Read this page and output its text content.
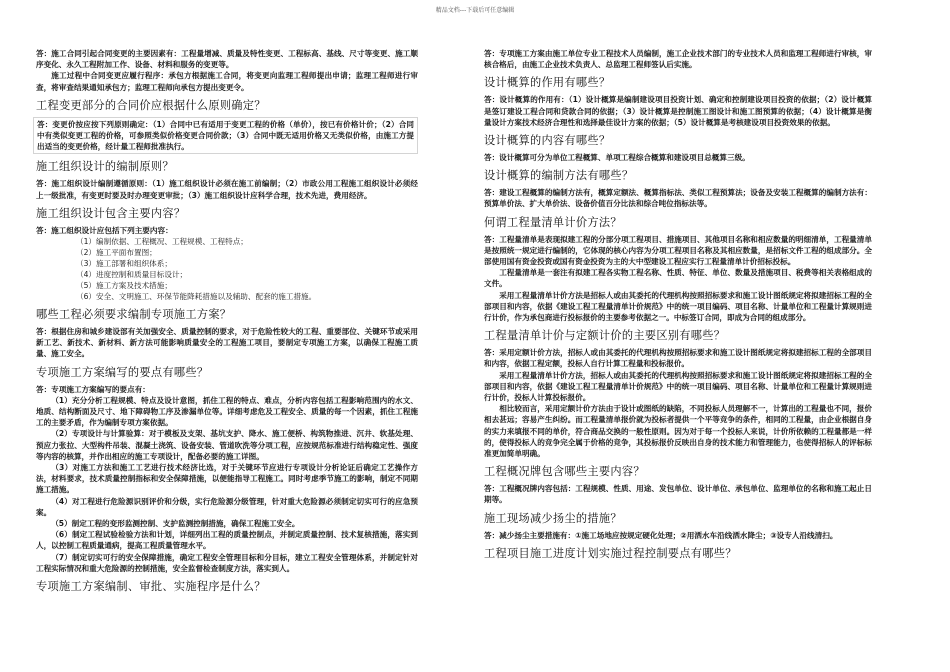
精品文档---下载后可任意编辑

答：施工合同引起合同变更的主要因素有：工程量增减、质量及特性变更、工程标高、基线、尺寸等变更、施工顺序变化、永久工程附加工作、设备、材料和服务的变更等。

施工过程中合同变更应履行程序：承包方根据施工合同，将变更向监理工程师提出申请；监理工程师进行审查，将审查结果通知承包方；监理工程师向承包方提出变更令。

工程变更部分的合同价应根据什么原则确定？

答：变更价按应按下列原则确定：（1）合同中已有适用于变更工程的价格（单价），按已有价格计价；（2）合同中有类似变更工程的价格，可参照类似价格变更合同价款；（3）合同中既无适用价格又无类似价格，由施工方提出适当的变更价格，经计量工程师批准执行。

施工组织设计的编制原则？

答：施工组织设计编制遵循原则：（1）施工组织设计必须在施工前编制；（2）市政公用工程施工组织设计必须经上一级批准，有变更时要及时办理变更审批；（3）施工组织设计应科学合理，技术先进，费用经济。

施工组织设计包含主要内容？

答：施工组织设计应包括下列主要内容：

（1）编制依据、工程概况、工程规模、工程特点；

（2）施工平面布置图；

（3）施工部署和组织体系；

（4）进度控制和质量目标设计；

（5）施工方案及技术措施；

（6）安全、文明施工、环保节能降耗措施以及辅助、配套的施工措施。

哪些工程必须要求编制专项施工方案？

答：根据住房和城乡建设部有关加强安全、质量控制的要求，对于危险性较大的工程、重要部位、关键环节或采用新工艺、新技术、新材料、新方法可能影响质量安全的工程施工项目，要制定专项施工方案，以确保工程施工质量、施工安全。

专项施工方案编写的要点有哪些？

答：专项施工方案编写的要点有：

（1）充分分析工程规模、特点及设计意图，抓住工程的特点、难点，分析内容包括工程影响范围内的水文、地质、结构断面及尺寸、地下障碍物工序及渗漏单位等。详细考虑危及工程安全、质量的每一个因素，抓住工程施工的主要矛盾，作为编制专项方案依据。

（2）专项设计与计算验算：对于模板及支架、基坑支护、降水、施工便桥、构筑物推进、沉井、软基处理、预应力张拉、大型构件吊装、混凝土浇筑、设备安装、管道吹洗等分项工程，应按规范标准进行结构稳定性、强度等内容的核算，并作出相应的施工专项设计，配备必要的施工详图。

（3）对施工方法和施工工艺进行技术经济比选，对于关键环节应进行专项设计分析论证后确定工艺操作方法，材料要求，技术质量控制指标和安全保障措施，以便能指导工程施工。同时考虑季节施工的影响，制定不同期施工措施。

（4）对工程进行危险源识别评价和分级，实行危险源分级管理，针对重大危险源必须制定切实可行的应急预案。

（5）制定工程的变形监测控制、支护监测控制措施，确保工程施工安全。

（6）制定工程试验检验方法和计划，详细列出工程的质量控制点，并制定质量控制、技术复核措施，落实到人，以控制工程质量通病，提高工程质量管理水平。

（7）制定切实可行的安全保障措施，确定工程安全管理目标和分目标，建立工程安全管理体系，并制定针对工程实际情况和重大危险源的控制措施，安全监督检查制度方法，落实到人。

专项施工方案编制、审批、实施程序是什么？

答：专项施工方案由施工单位专业工程技术人员编制，施工企业技术部门的专业技术人员和监理工程师进行审核，审核合格后，由施工企业技术负责人、总监理工程师签认后实施。

设计概算的作用有哪些？

答：设计概算的作用有：（1）设计概算是编制建设项目投资计划、确定和控制建设项目投资的依据；（2）设计概算是签订建设工程合同和贷款合同的依据；（3）设计概算是控制施工图设计和施工图预算的依据；（4）设计概算是衡量设计方案技术经济合理性和选择最佳设计方案的依据；（5）设计概算是考核建设项目投资效果的依据。

设计概算的内容有哪些？

答：设计概算可分为单位工程概算、单项工程综合概算和建设项目总概算三级。

设计概算的编制方法有哪些？

答：建设工程概算的编制方法有，概算定额法、概算指标法、类似工程预算法；设备及安装工程概算的编制方法有：预算单价法、扩大单价法、设备价值百分比法和综合吨位指标法等。

何谓工程量清单计价方法？

答：工程量清单是表现拟建工程的分部分项工程项目、措施项目、其他项目名称和相应数量的明细清单，工程量清单是按照统一规定进行编制的，它体现的核心内容为分项工程项目名称及其相应数量，是招标文件工程的组成部分。全部使用国有资金投资或国有资金投资为主的大中型建设工程应实行工程量清单计价招标投标。

工程量清单是一套注有拟建工程各实物工程名称、性质、特征、单位、数量及措施项目、税费等相关表格组成的文件。

采用工程量清单计价方法是招标人或由其委托的代理机构按照招标要求和施工设计图纸规定将拟建招标工程的全部项目和内容，依据《建设工程工程量清单计价规范》中的统一项目编码、项目名称、计量单位和工程量计算规则进行计价，作为承包商进行投标报价的主要参考依据之一。中标签订合同，即成为合同的组成部分。

工程量清单计价与定额计价的主要区别有哪些？

答：采用定额计价方法，招标人或由其委托的代理机构按照招标要求和施工设计图纸规定将拟建招标工程的全部项目和内容，依据工程定额，投标人自行计算工程量和投标报价。

采用工程量清单计价方法，招标人或由其委托的代理机构按照招标要求和施工设计图纸规定将拟建招标工程的全部项目和内容，依据《建设工程工程量清单计价规范》中的统一项目编码、项目名称、计量单位和工程量计算规则进行计价，投标人计算投标报价。

相比较而言，采用定额计价方法由于设计或图纸的缺陷，不同投标人员理解不一，计算出的工程量也不同，报价相去甚远；容易产生纠纷。而工程量清单报价就为投标者提供一个平等竞争的条件，相同的工程量，由企业根据自身的实力来填报不同的单价，符合商品交换的一般性原则。因为对于每一个投标人来说，计价所依赖的工程量都是一样的，使得投标人的竞争完全属于价格的竞争，其投标报价反映出自身的技术能力和管理能力，也使得招标人的评标标准更加简单明确。

工程概况牌包含哪些主要内容？

答：工程概况牌内容包括：工程规模、性质、用途、发包单位、设计单位、承包单位、监理单位的名称和施工起止日期等。

施工现场减少扬尘的措施？

答：减少扬尘主要措施有：①施工场地应按规定硬化处理；②用洒水车沿线洒水降尘；③设专人沿线清扫。

工程项目施工进度计划实施过程控制要点有哪些？
